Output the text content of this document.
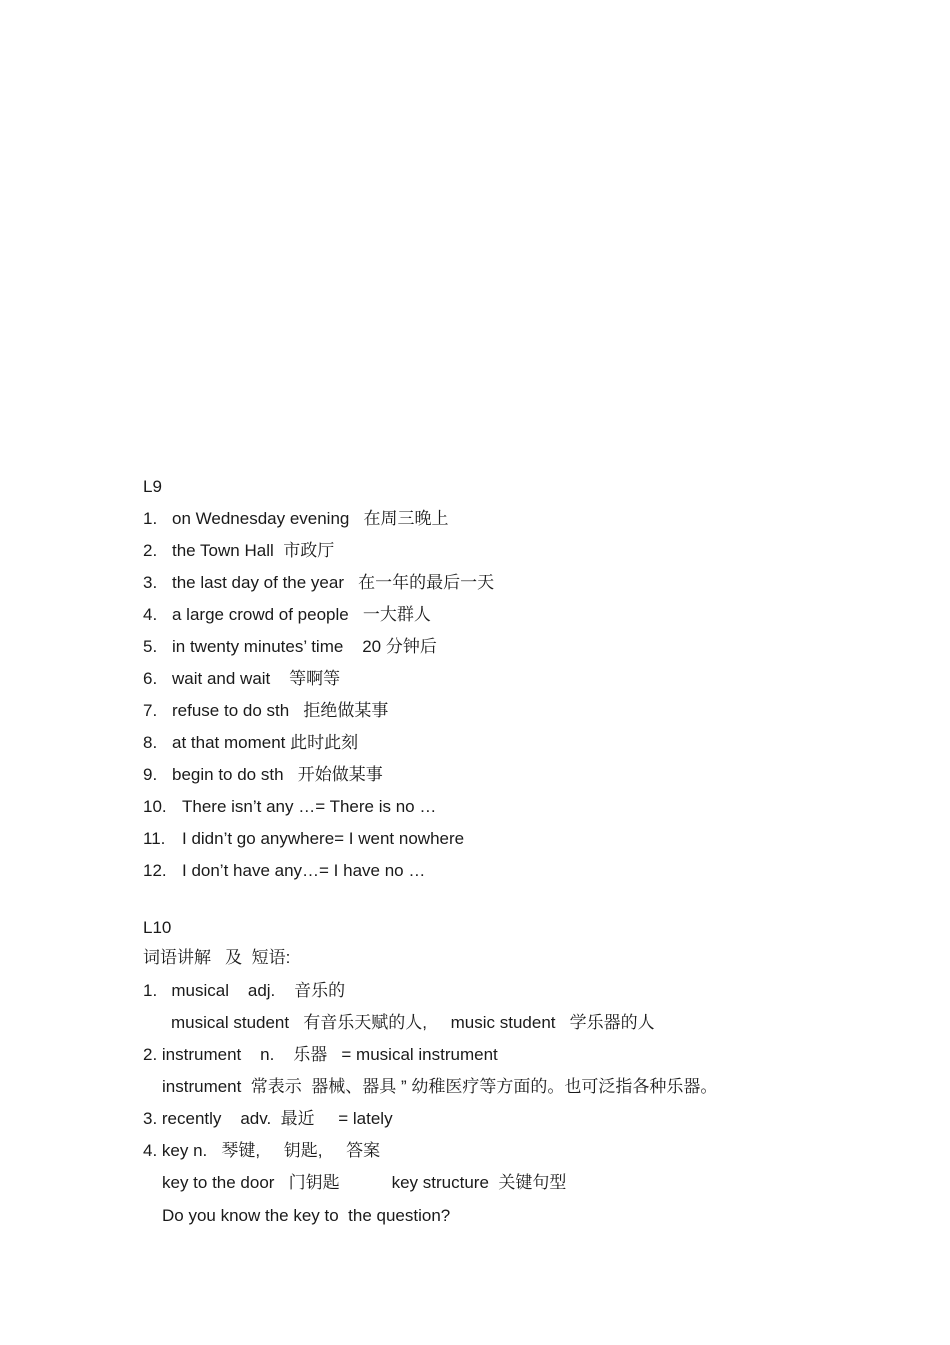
L9
1. on Wednesday evening   在周三晚上
2. the Town Hall  市政厅
3. the last day of the year   在一年的最后一天
4. a large crowd of people   一大群人
5. in twenty minutes’ time    20 分钟后
6. wait and wait    等啊等
7. refuse to do sth   拒绝做某事
8. at that moment 此时此刻
9. begin to do sth   开始做某事
10. There isn’t any …= There is no …
11. I didn’t go anywhere= I went nowhere
12. I don’t have any…= I have no …
L10
词语讲解   及  短语:
1.   musical    adj.    音乐的
musical student   有音乐天赋的人,     music student   学乐器的人
2. instrument    n.    乐器   = musical instrument
instrument  常表示  器械、器具 ” 幼稚医疗等方面的。也可泛指各种乐器。
3. recently    adv.  最近     = lately
4. key n.   琴键,     钥匙,     答案
key to the door   门钥匙           key structure  关键句型
Do you know the key to  the question?
